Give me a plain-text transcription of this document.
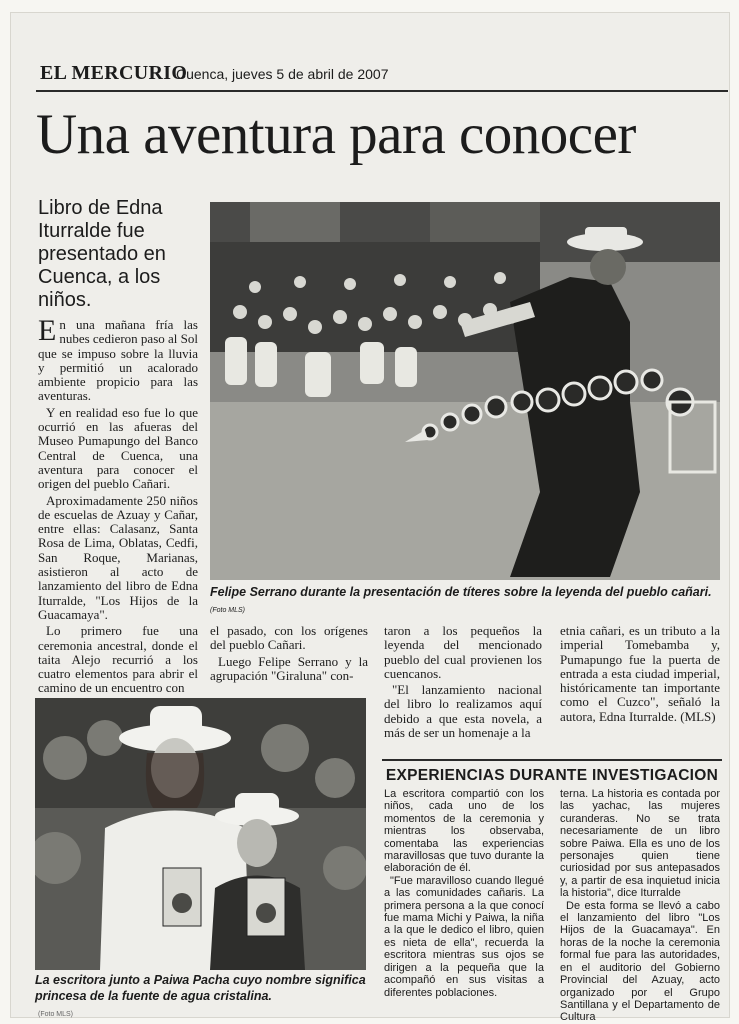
EL MERCURIO
Cuenca, jueves 5 de abril de 2007
Una aventura para conocer
Libro de Edna Iturralde fue presentado en Cuenca, a los niños.

En una mañana fría las nubes cedieron paso al Sol que se impuso sobre la lluvia y permitió un acalorado ambiente propicio para las aventuras.

Y en realidad eso fue lo que ocurrió en las afueras del Museo Pumapungo del Banco Central de Cuenca, una aventura para conocer el origen del pueblo Cañari.

Aproximadamente 250 niños de escuelas de Azuay y Cañar, entre ellas: Calasanz, Santa Rosa de Lima, Oblatas, Cedfi, San Roque, Marianas, asistieron al acto de lanzamiento del libro de Edna Iturralde, "Los Hijos de la Guacamaya".

Lo primero fue una ceremonia ancestral, donde el taita Alejo recurrió a los cuatro elementos para abrir el camino de un encuentro con

Felipe Serrano durante la presentación de títeres sobre la leyenda del pueblo cañari. (Foto MLS)

el pasado, con los orígenes del pueblo Cañari.

Luego Felipe Serrano y la agrupación "Giraluna" con-

taron a los pequeños la leyenda del mencionado pueblo del cual provienen los cuencanos.

"El lanzamiento nacional del libro lo realizamos aquí debido a que esta novela, a más de ser un homenaje a la

etnia cañari, es un tributo a la imperial Tomebamba y, Pumapungo fue la puerta de entrada a esta ciudad imperial, históricamente tan importante como el Cuzco", señaló la autora, Edna Iturralde. (MLS)

La escritora junto a Paiwa Pacha cuyo nombre significa princesa de la fuente de agua cristalina.
(Foto MLS)
EXPERIENCIAS DURANTE INVESTIGACION

La escritora compartió con los niños, cada uno de los momentos de la ceremonia y mientras los observaba, comentaba las experiencias maravillosas que tuvo durante la elaboración de él.

"Fue maravilloso cuando llegué a las comunidades cañaris. La primera persona a la que conocí fue mama Michi y Paiwa, la niña a la que le dedico el libro, quien es nieta de ella", recuerda la escritora mientras sus ojos se dirigen a la pequeña que la acompañó en sus visitas a diferentes poblaciones.

terna. La historia es contada por las yachac, las mujeres curanderas. No se trata necesariamente de un libro sobre Paiwa. Ella es uno de los personajes quien tiene curiosidad por sus antepasados y, a partir de esa inquietud inicia la historia", dice Iturralde

De esta forma se llevó a cabo el lanzamiento del libro "Los Hijos de la Guacamaya". En horas de la noche la ceremonia formal fue para las autoridades, en el auditorio del Gobierno Provincial del Azuay, acto organizado por el Grupo Santillana y el Departamento de Cultura
